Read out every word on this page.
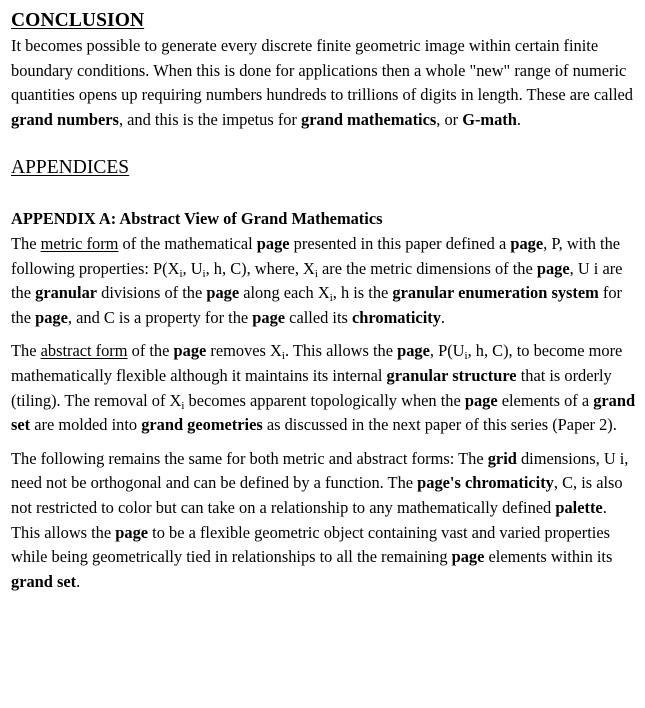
CONCLUSION

It becomes possible to generate every discrete finite geometric image within certain finite boundary conditions. When this is done for applications then a whole "new" range of numeric quantities opens up requiring numbers hundreds to trillions of digits in length. These are called grand numbers, and this is the impetus for grand mathematics, or G-math.

APPENDICES
APPENDIX A: Abstract View of Grand Mathematics

The metric form of the mathematical page presented in this paper defined a page, P, with the following properties: $P(X_i$, $U_i$, h, C), where, $X_i$ are the metric dimensions of the page, U i are the granular divisions of the page along each $X_i$, h is the granular enumeration system for the page, and C is a property for the page called its chromaticity.

The abstract form of the page removes $X_i$. This allows the page, $P(U_i$, h, C), to become more mathematically flexible although it maintains its internal granular structure that is orderly (tiling). The removal of $X_i$ becomes apparent topologically when the page elements of a grand set are molded into grand geometries as discussed in the next paper of this series (Paper 2).

The following remains the same for both metric and abstract forms: The grid dimensions, U i, need not be orthogonal and can be defined by a function. The page's chromaticity, C, is also not restricted to color but can take on a relationship to any mathematically defined palette. This allows the page to be a flexible geometric object containing vast and varied properties while being geometrically tied in relationships to all the remaining page elements within its grand set.
